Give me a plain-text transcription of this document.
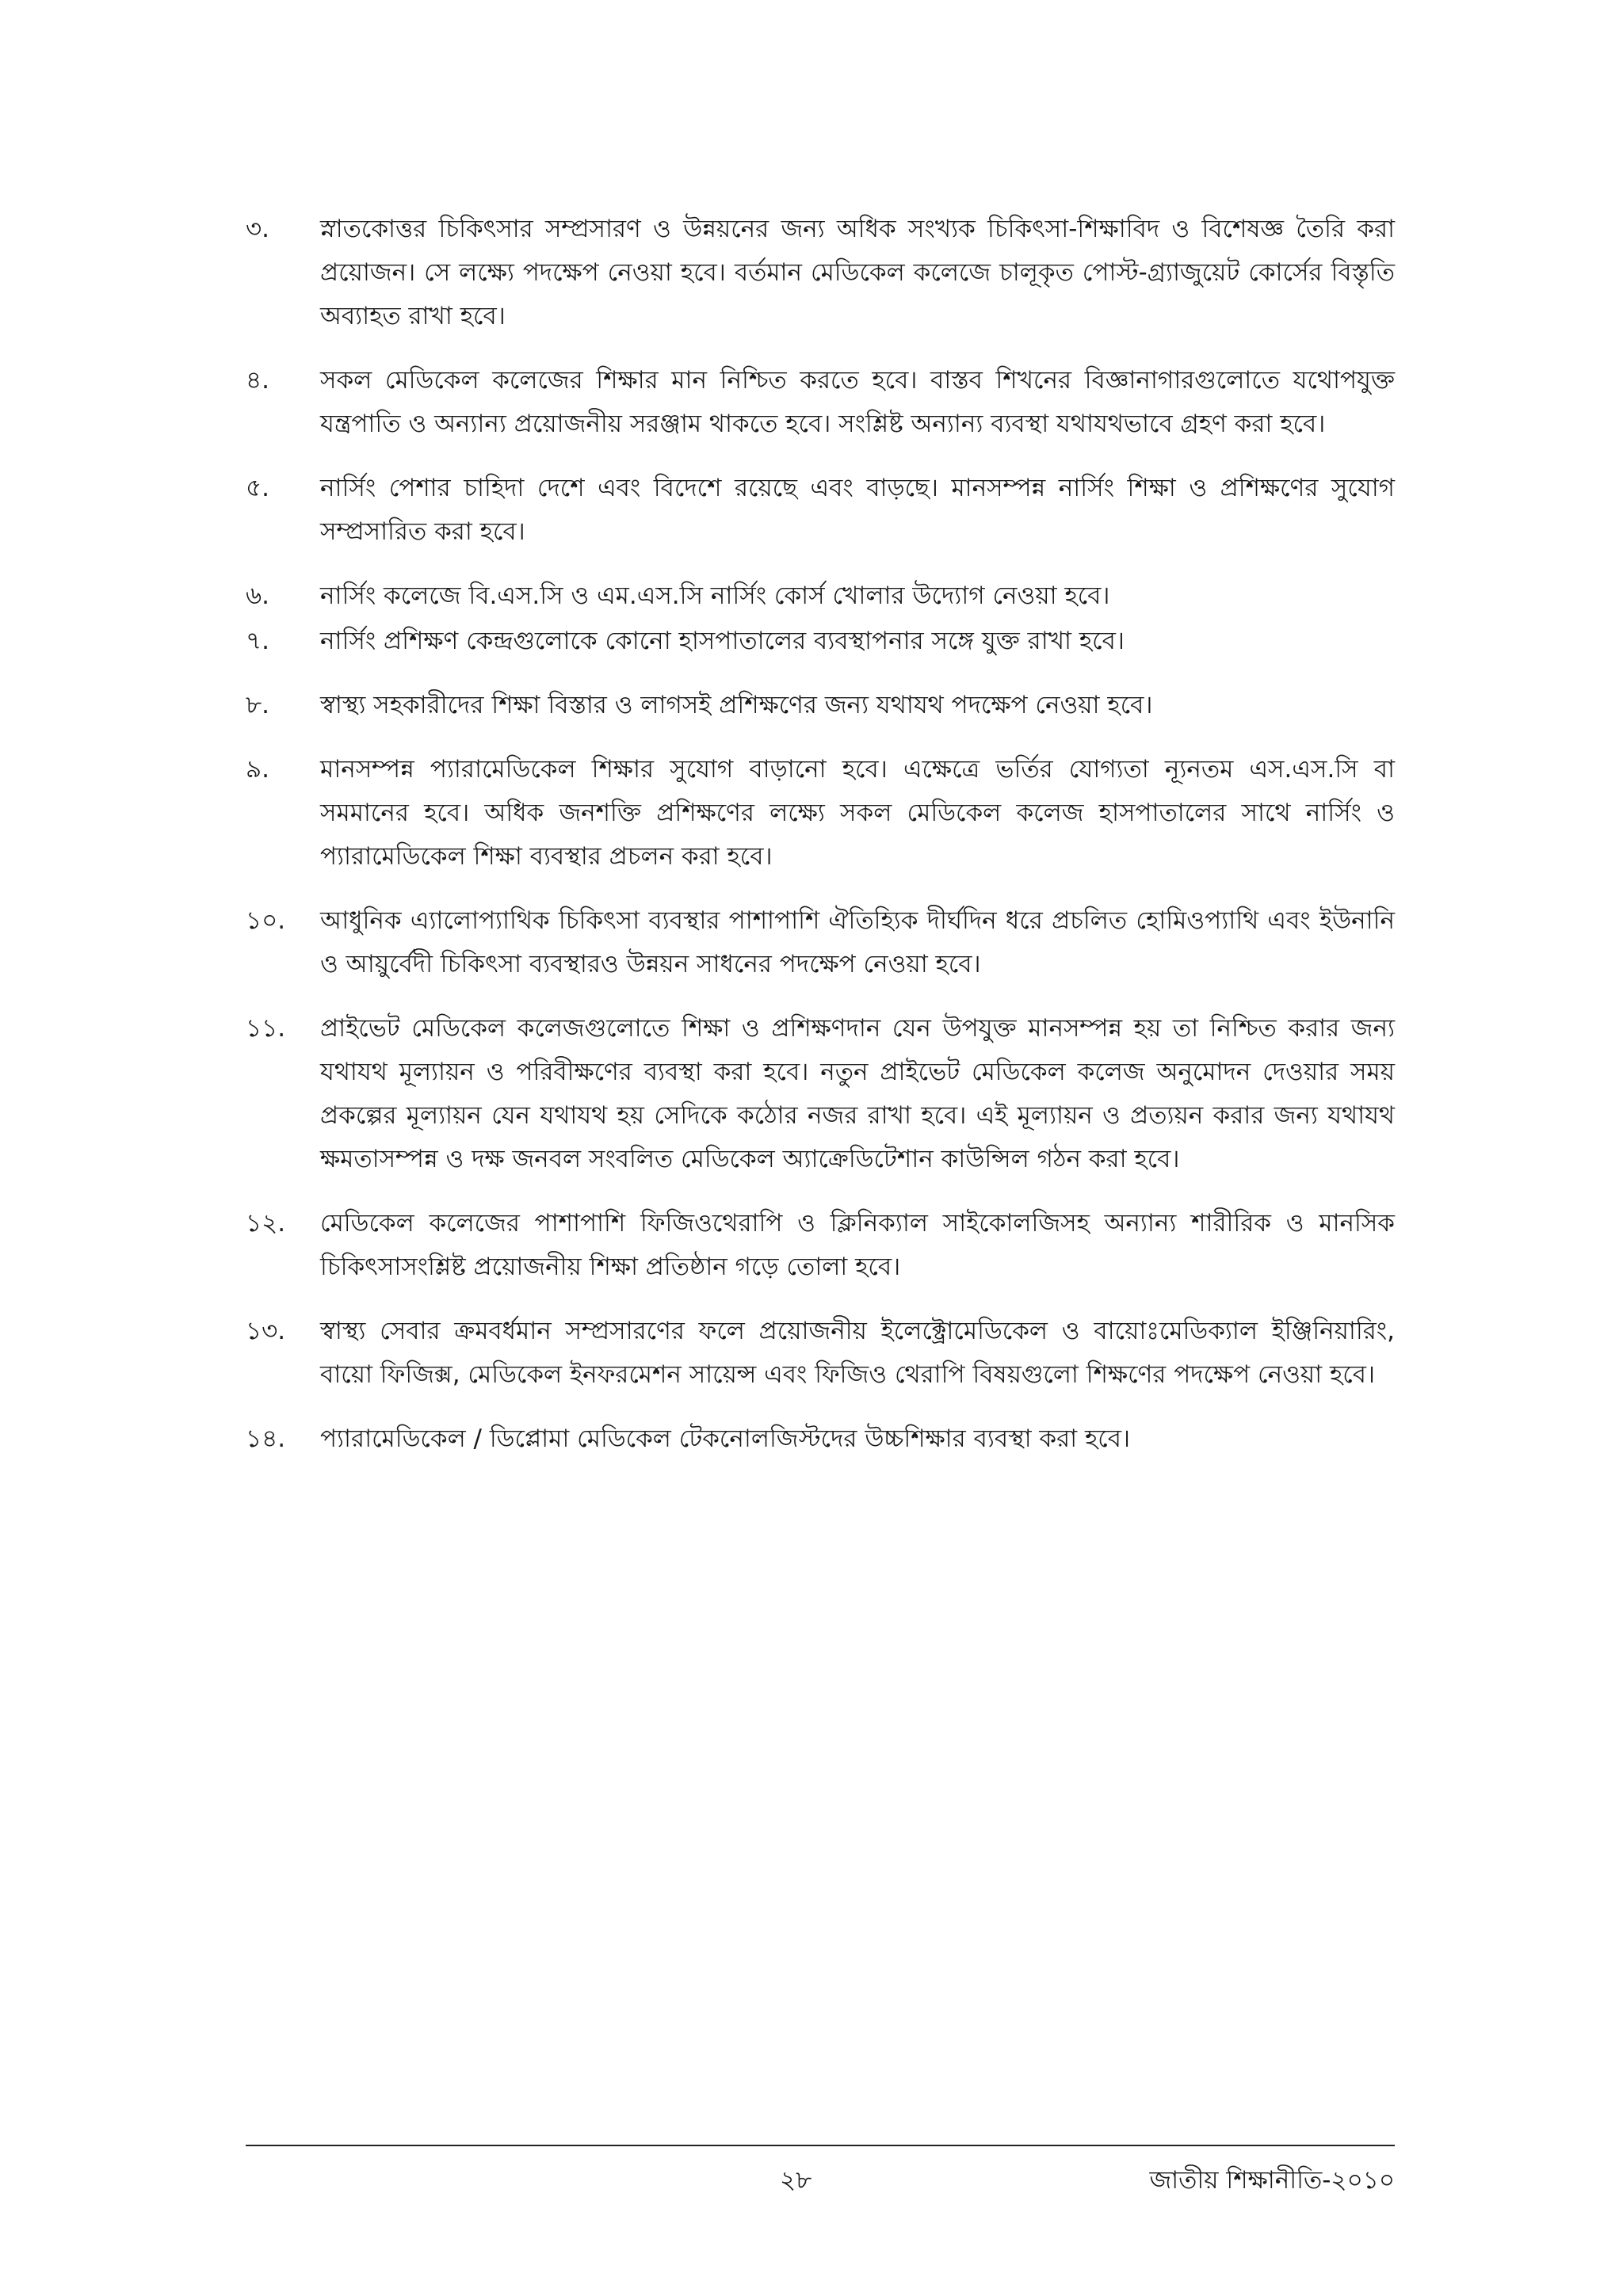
৩.	স্নাতকোত্তর চিকিৎসার সম্প্রসারণ ও উন্নয়নের জন্য অধিক সংখ্যক চিকিৎসা-শিক্ষাবিদ ও বিশেষজ্ঞ তৈরি করা প্রয়োজন। সে লক্ষ্যে পদক্ষেপ নেওয়া হবে। বর্তমান মেডিকেল কলেজে চালূকৃত পোস্ট-গ্র্যাজুয়েট কোর্সের বিস্তৃতি অব্যাহত রাখা হবে।
৪.	সকল মেডিকেল কলেজের শিক্ষার মান নিশ্চিত করতে হবে। বাস্তব শিখনের বিজ্ঞানাগারগুলোতে যথোপযুক্ত যন্ত্রপাতি ও অন্যান্য প্রয়োজনীয় সরঞ্জাম থাকতে হবে। সংশ্লিষ্ট অন্যান্য ব্যবস্থা যথাযথভাবে গ্রহণ করা হবে।
৫.	নার্সিং পেশার চাহিদা দেশে এবং বিদেশে রয়েছে এবং বাড়ছে। মানসম্পন্ন নার্সিং শিক্ষা ও প্রশিক্ষণের সুযোগ সম্প্রসারিত করা হবে।
৬.	নার্সিং কলেজে বি.এস.সি ও এম.এস.সি নার্সিং কোর্স খোলার উদ্যোগ নেওয়া হবে।
৭.	নার্সিং প্রশিক্ষণ কেন্দ্রগুলোকে কোনো হাসপাতালের ব্যবস্থাপনার সঙ্গে যুক্ত রাখা হবে।
৮.	স্বাস্থ্য সহকারীদের শিক্ষা বিস্তার ও লাগসই প্রশিক্ষণের জন্য যথাযথ পদক্ষেপ নেওয়া হবে।
৯.	মানসম্পন্ন প্যারামেডিকেল শিক্ষার সুযোগ বাড়ানো হবে। এক্ষেত্রে ভর্তির যোগ্যতা ন্যূনতম এস.এস.সি বা সমমানের হবে। অধিক জনশক্তি প্রশিক্ষণের লক্ষ্যে সকল মেডিকেল কলেজ হাসপাতালের সাথে নার্সিং ও প্যারামেডিকেল শিক্ষা ব্যবস্থার প্রচলন করা হবে।
১০.	আধুনিক এ্যালোপ্যাথিক চিকিৎসা ব্যবস্থার পাশাপাশি ঐতিহ্যিক দীর্ঘদিন ধরে প্রচলিত হোমিওপ্যাথি এবং ইউনানি ও আয়ুর্বেদী চিকিৎসা ব্যবস্থারও উন্নয়ন সাধনের পদক্ষেপ নেওয়া হবে।
১১.	প্রাইভেট মেডিকেল কলেজগুলোতে শিক্ষা ও প্রশিক্ষণদান যেন উপযুক্ত মানসম্পন্ন হয় তা নিশ্চিত করার জন্য যথাযথ মূল্যায়ন ও পরিবীক্ষণের ব্যবস্থা করা হবে। নতুন প্রাইভেট মেডিকেল কলেজ অনুমোদন দেওয়ার সময় প্রকল্পের মূল্যায়ন যেন যথাযথ হয় সেদিকে কঠোর নজর রাখা হবে। এই মূল্যায়ন ও প্রত্যয়ন করার জন্য যথাযথ ক্ষমতাসম্পন্ন ও দক্ষ জনবল সংবলিত মেডিকেল অ্যাক্রেডিটেশান কাউন্সিল গঠন করা হবে।
১২.	মেডিকেল কলেজের পাশাপাশি ফিজিওথেরাপি ও ক্লিনিক্যাল সাইকোলজিসহ অন্যান্য শারীরিক ও মানসিক চিকিৎসাসংশ্লিষ্ট প্রয়োজনীয় শিক্ষা প্রতিষ্ঠান গড়ে তোলা হবে।
১৩.	স্বাস্থ্য সেবার ক্রমবর্ধমান সম্প্রসারণের ফলে প্রয়োজনীয় ইলেক্ট্রোমেডিকেল ও বায়োঃমেডিক্যাল ইঞ্জিনিয়ারিং, বায়ো ফিজিক্স, মেডিকেল ইনফরমেশন সায়েন্স এবং ফিজিও থেরাপি বিষয়গুলো শিক্ষণের পদক্ষেপ নেওয়া হবে।
১৪.	প্যারামেডিকেল / ডিপ্লোমা মেডিকেল টেকনোলজিস্টদের উচ্চশিক্ষার ব্যবস্থা করা হবে।
২৮	জাতীয় শিক্ষানীতি-২০১০
